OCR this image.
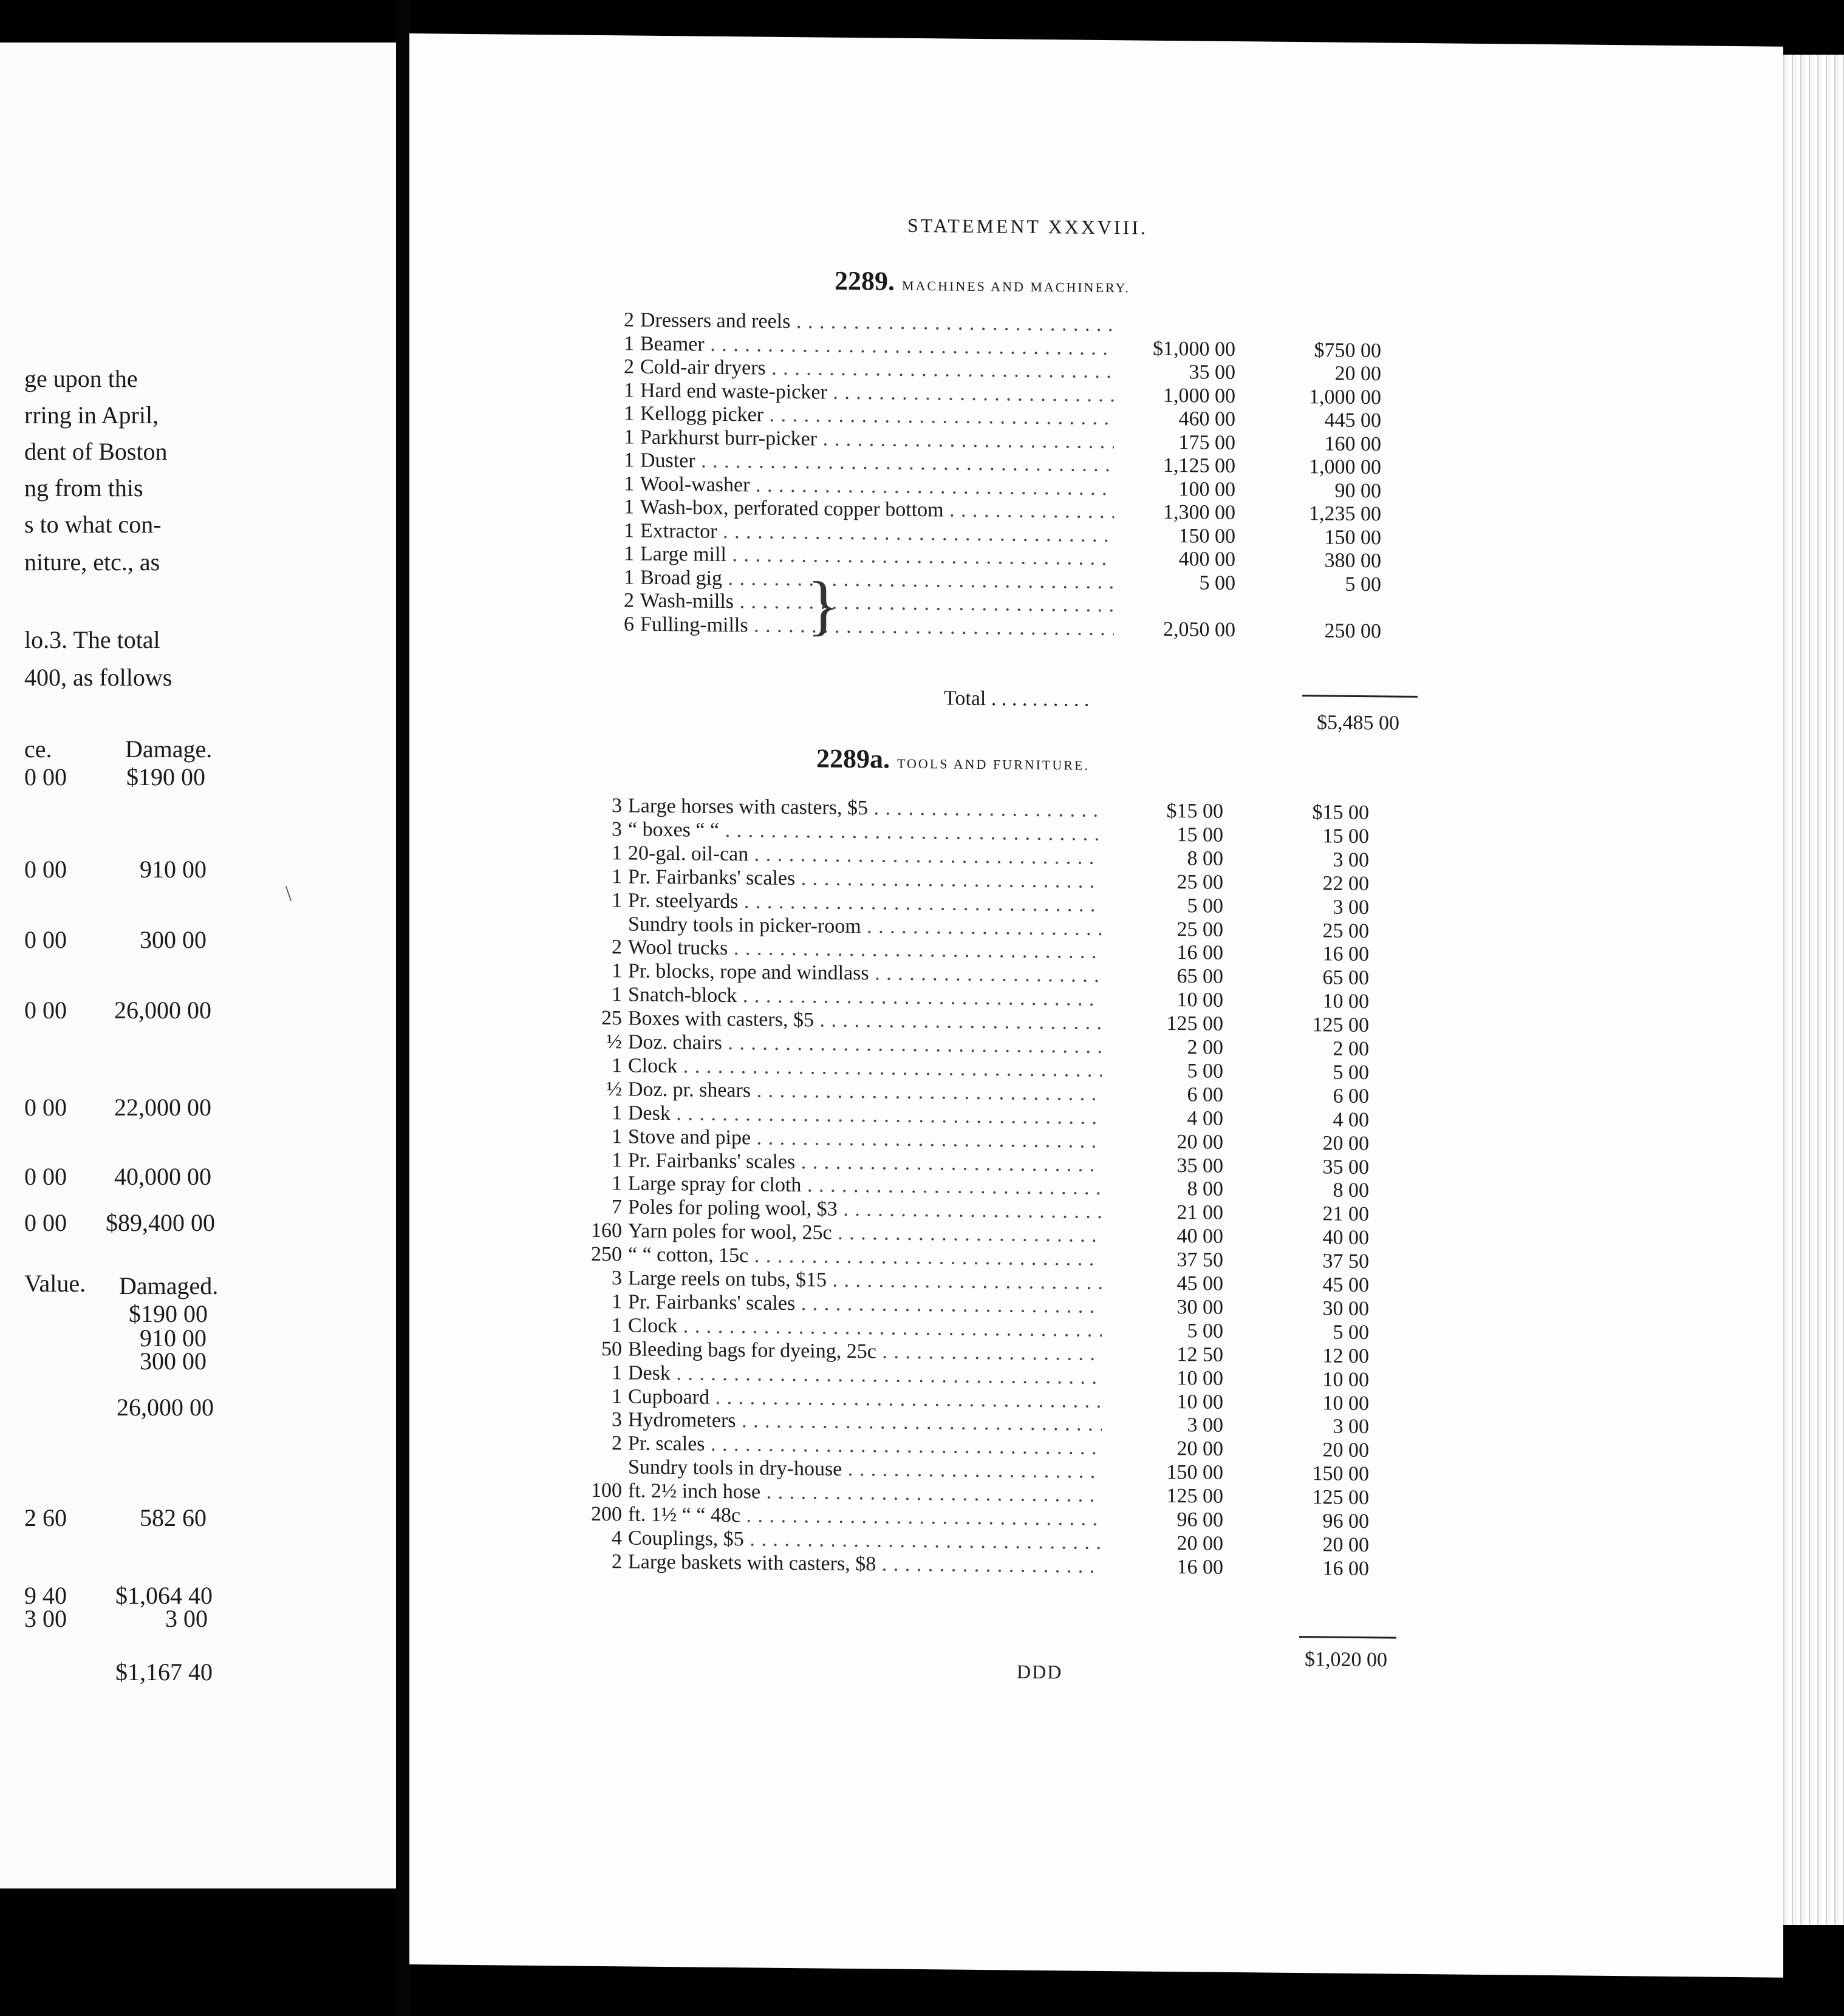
ge upon the
rring in April,
dent of Boston
ng from this
s to what con-
niture, etc., as
lo.3. The total
400, as follows
ce.	Damage.
0 00 $190 00
0 00	910 00
0 00	300 00
0 00 26,000 00
0 00 22,000 00
0 00 40,000 00
0 00 $89,400 00
Value. Damaged.
$190 00
910 00
300 00
26,000 00
2 60	582 60
9 40 $1,064 40
3 00	3 00
$1,167 40
STATEMENT XXXVIII.
2289. MACHINES AND MACHINERY.
2 Dressers and reels . . .
1 Beamer . . .	$1,000 00	$750 00
2 Cold-air dryers . . .	35 00	20 00
1 Hard end waste-picker . . .	1,000 00	1,000 00
1 Kellogg picker . . .	460 00	445 00
1 Parkhurst burr-picker . . .	175 00	160 00
1 Duster . . .	1,125 00	1,000 00
1 Wool-washer . . .	100 00	90 00
1 Wash-box, perforated copper bottom . . .	1,300 00	1,235 00
1 Extractor . . .	150 00	150 00
1 Large mill . . .	400 00	380 00
1 Broad gig . . .	5 00	5 00
2 Wash-mills . . .
6 Fulling-mills . . .	2,050 00	250 00
}
Total . . .
$5,485 00
2289a. TOOLS AND FURNITURE.
3 Large horses with casters, $5 . . .	$15 00	$15 00
3 “ boxes “ “ . . .	15 00	15 00
1 20-gal. oil-can . . .	8 00	3 00
1 Pr. Fairbanks' scales . . .	25 00	22 00
1 Pr. steelyards . . .	5 00	3 00
Sundry tools in picker-room . . .	25 00	25 00
2 Wool trucks . . .	16 00	16 00
1 Pr. blocks, rope and windlass . . .	65 00	65 00
1 Snatch-block . . .	10 00	10 00
25 Boxes with casters, $5 . . .	125 00	125 00
½ Doz. chairs . . .	2 00	2 00
1 Clock . . .	5 00	5 00
½ Doz. pr. shears . . .	6 00	6 00
1 Desk . . .	4 00	4 00
1 Stove and pipe . . .	20 00	20 00
1 Pr. Fairbanks' scales . . .	35 00	35 00
1 Large spray for cloth . . .	8 00	8 00
7 Poles for poling wool, $3 . . .	21 00	21 00
160 Yarn poles for wool, 25c . . .	40 00	40 00
250 “ “ cotton, 15c . . .	37 50	37 50
3 Large reels on tubs, $15 . . .	45 00	45 00
1 Pr. Fairbanks' scales . . .	30 00	30 00
1 Clock . . .	5 00	5 00
50 Bleeding bags for dyeing, 25c . . .	12 50	12 00
1 Desk . . .	10 00	10 00
1 Cupboard . . .	10 00	10 00
3 Hydrometers . . .	3 00	3 00
2 Pr. scales . . .	20 00	20 00
Sundry tools in dry-house . . .	150 00	150 00
100 ft. 2½ inch hose . . .	125 00	125 00
200 ft. 1½ “ “ 48c . . .	96 00	96 00
4 Couplings, $5 . . .	20 00	20 00
2 Large baskets with casters, $8 . . .	16 00	16 00
$1,020 00
DDD
\
